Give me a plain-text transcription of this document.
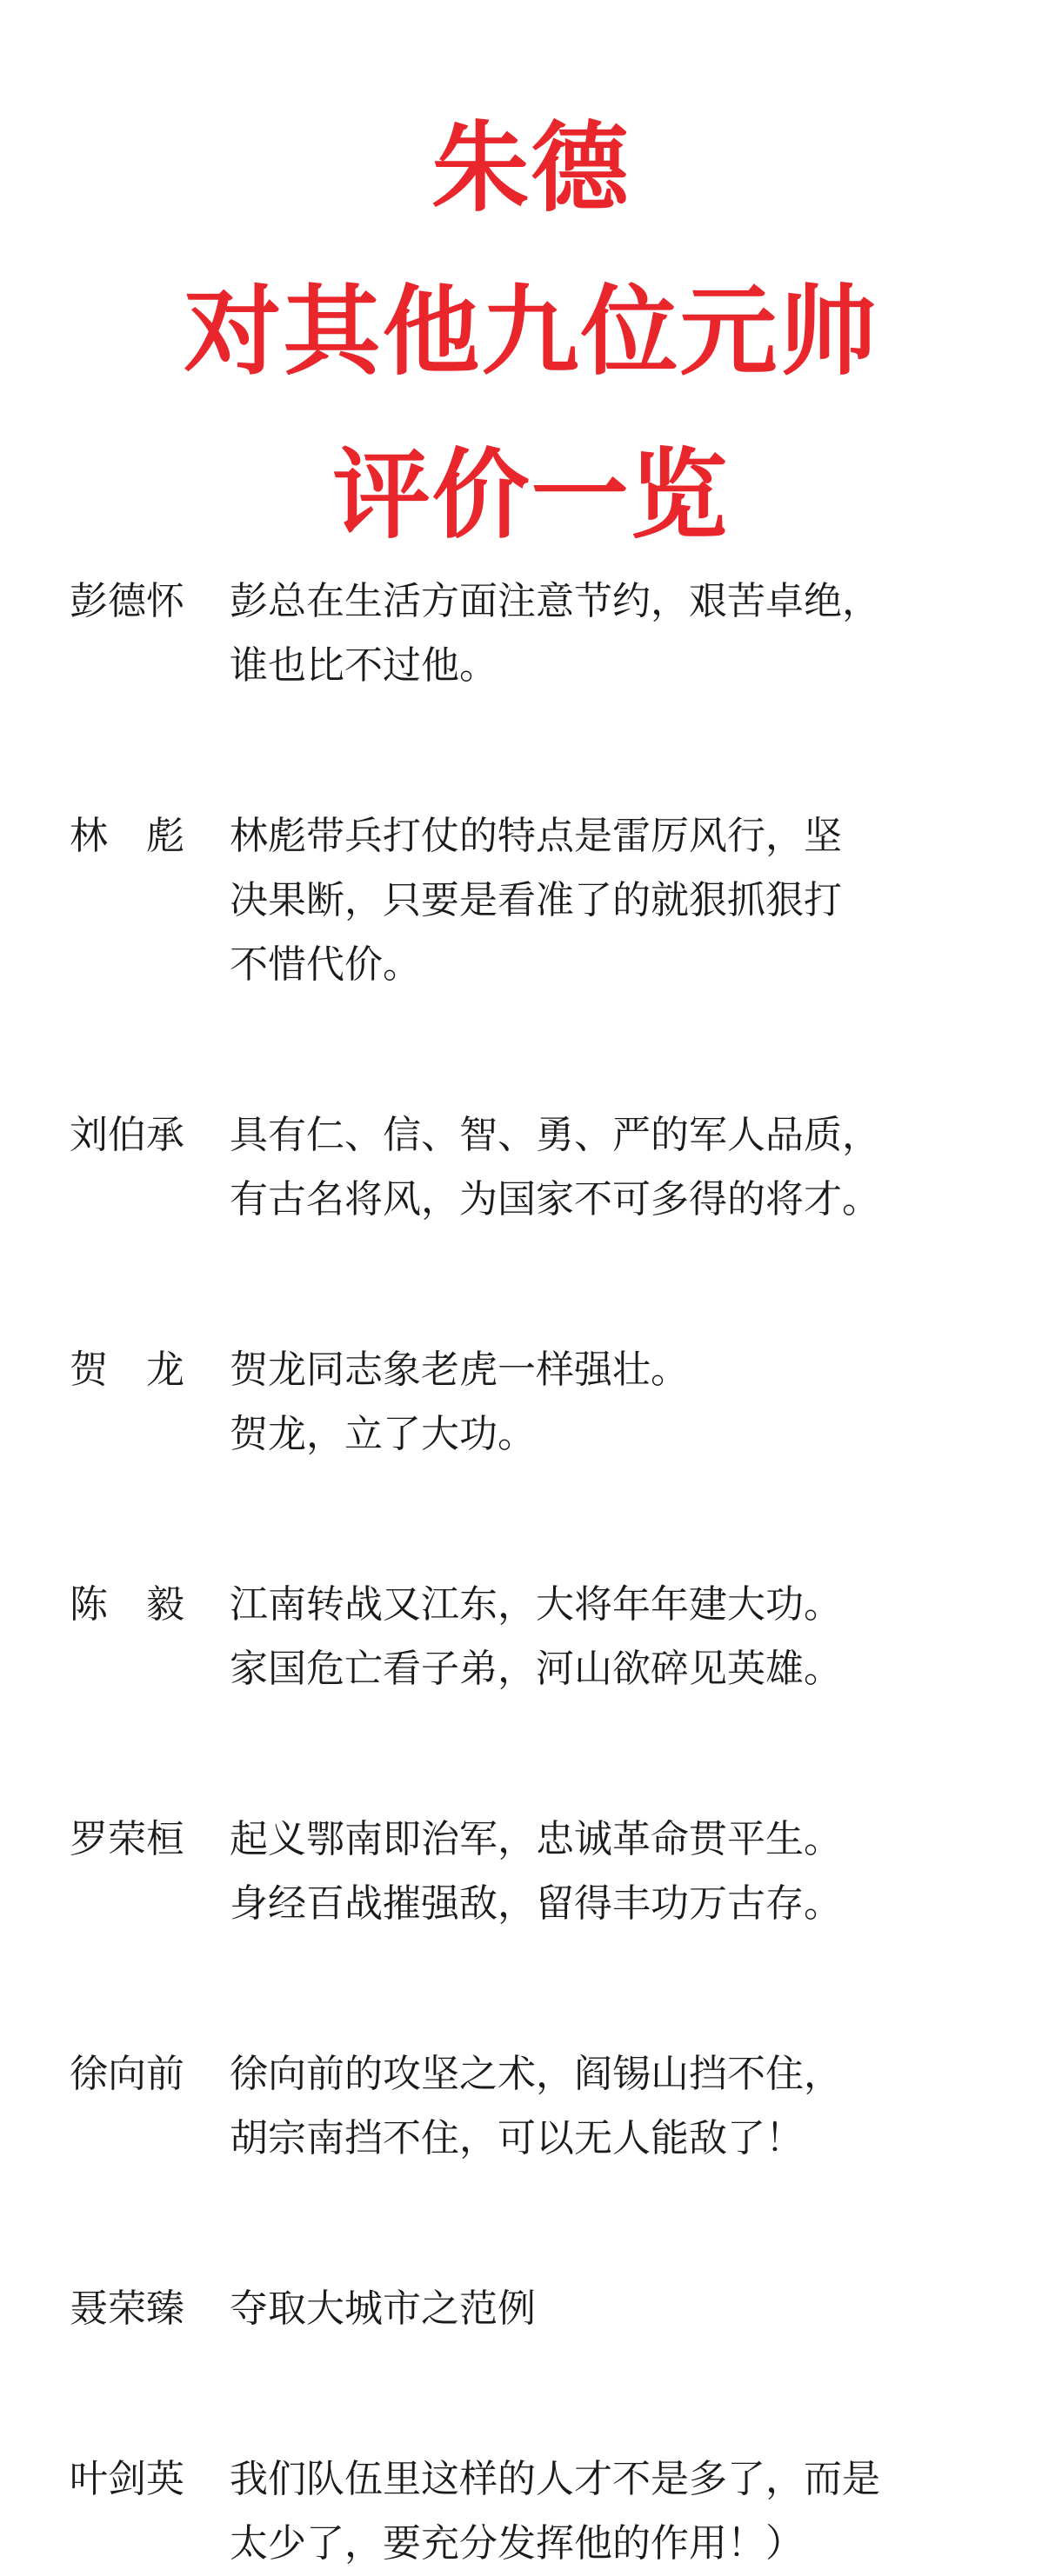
朱德
对其他九位元帅
评价一览
彭德怀	彭总在生活方面注意节约，艰苦卓绝，
谁也比不过他。
林　彪	林彪带兵打仗的特点是雷厉风行，坚
决果断，只要是看准了的就狠抓狠打
不惜代价。
刘伯承	具有仁、信、智、勇、严的军人品质，
有古名将风，为国家不可多得的将才。
贺　龙	贺龙同志象老虎一样强壮。
贺龙，立了大功。
陈　毅	江南转战又江东，大将年年建大功。
家国危亡看子弟，河山欲碎见英雄。
罗荣桓	起义鄂南即治军，忠诚革命贯平生。
身经百战摧强敌，留得丰功万古存。
徐向前	徐向前的攻坚之术，阎锡山挡不住，
胡宗南挡不住，可以无人能敌了！
聂荣臻	夺取大城市之范例
叶剑英	我们队伍里这样的人才不是多了，而是
太少了，要充分发挥他的作用！）
